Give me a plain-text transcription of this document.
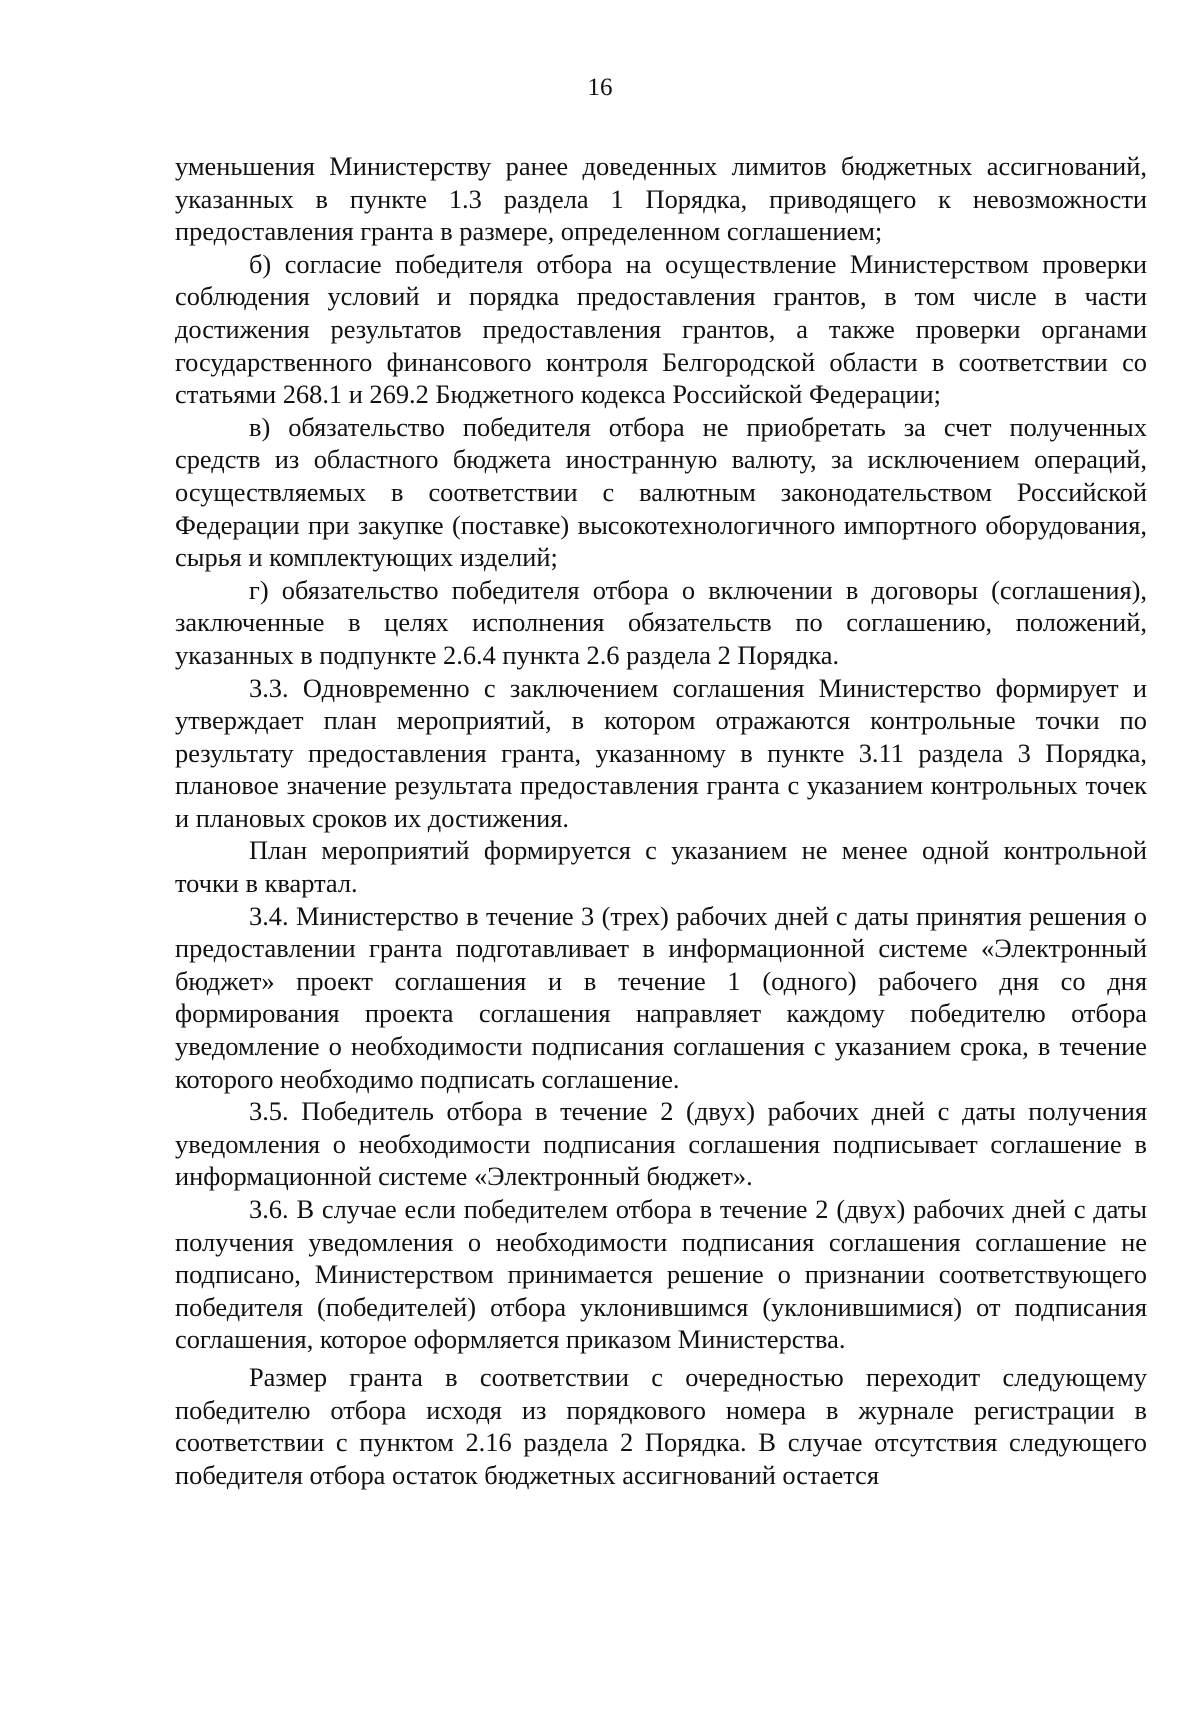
16

уменьшения Министерству ранее доведенных лимитов бюджетных ассигнований, указанных в пункте 1.3 раздела 1 Порядка, приводящего к невозможности предоставления гранта в размере, определенном соглашением;

б) согласие победителя отбора на осуществление Министерством проверки соблюдения условий и порядка предоставления грантов, в том числе в части достижения результатов предоставления грантов, а также проверки органами государственного финансового контроля Белгородской области в соответствии со статьями 268.1 и 269.2 Бюджетного кодекса Российской Федерации;

в) обязательство победителя отбора не приобретать за счет полученных средств из областного бюджета иностранную валюту, за исключением операций, осуществляемых в соответствии с валютным законодательством Российской Федерации при закупке (поставке) высокотехнологичного импортного оборудования, сырья и комплектующих изделий;

г) обязательство победителя отбора о включении в договоры (соглашения), заключенные в целях исполнения обязательств по соглашению, положений, указанных в подпункте 2.6.4 пункта 2.6 раздела 2 Порядка.

3.3. Одновременно с заключением соглашения Министерство формирует и утверждает план мероприятий, в котором отражаются контрольные точки по результату предоставления гранта, указанному в пункте 3.11 раздела 3 Порядка, плановое значение результата предоставления гранта с указанием контрольных точек и плановых сроков их достижения.

План мероприятий формируется с указанием не менее одной контрольной точки в квартал.

3.4. Министерство в течение 3 (трех) рабочих дней с даты принятия решения о предоставлении гранта подготавливает в информационной системе «Электронный бюджет» проект соглашения и в течение 1 (одного) рабочего дня со дня формирования проекта соглашения направляет каждому победителю отбора уведомление о необходимости подписания соглашения с указанием срока, в течение которого необходимо подписать соглашение.

3.5. Победитель отбора в течение 2 (двух) рабочих дней с даты получения уведомления о необходимости подписания соглашения подписывает соглашение в информационной системе «Электронный бюджет».

3.6. В случае если победителем отбора в течение 2 (двух) рабочих дней с даты получения уведомления о необходимости подписания соглашения соглашение не подписано, Министерством принимается решение о признании соответствующего победителя (победителей) отбора уклонившимся (уклонившимися) от подписания соглашения, которое оформляется приказом Министерства.

Размер гранта в соответствии с очередностью переходит следующему победителю отбора исходя из порядкового номера в журнале регистрации в соответствии с пунктом 2.16 раздела 2 Порядка. В случае отсутствия следующего победителя отбора остаток бюджетных ассигнований остается
